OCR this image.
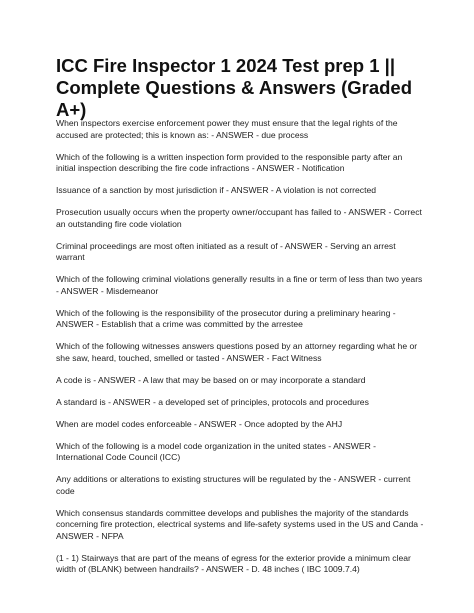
ICC Fire Inspector 1 2024 Test prep 1 ||
Complete Questions & Answers (Graded A+)
When inspectors exercise enforcement power they must ensure that the legal rights of the accused are protected; this is known as: - ANSWER - due process
Which of the following is a written inspection form provided to the responsible party after an initial inspection describing the fire code infractions - ANSWER - Notification
Issuance of a sanction by most jurisdiction if - ANSWER - A violation is not corrected
Prosecution usually occurs when the property owner/occupant has failed to - ANSWER - Correct an outstanding fire code violation
Criminal proceedings are most often initiated as a result of - ANSWER - Serving an arrest warrant
Which of the following criminal violations generally results in a fine or term of less than two years - ANSWER - Misdemeanor
Which of the following is the responsibility of the prosecutor during a preliminary hearing - ANSWER - Establish that a crime was committed by the arrestee
Which of the following witnesses answers questions posed by an attorney regarding what he or she saw, heard, touched, smelled or tasted - ANSWER - Fact Witness
A code is - ANSWER - A law that may be based on or may incorporate a standard
A standard is - ANSWER - a developed set of principles, protocols and procedures
When are model codes enforceable - ANSWER - Once adopted by the AHJ
Which of the following is a model code organization in the united states - ANSWER - International Code Council (ICC)
Any additions or alterations to existing structures will be regulated by the - ANSWER - current code
Which consensus standards committee develops and publishes the majority of the standards concerning fire protection, electrical systems and life-safety systems used in the US and Canda - ANSWER - NFPA
(1 - 1) Stairways that are part of the means of egress for the exterior provide a minimum clear width of (BLANK) between handrails? - ANSWER - D. 48 inches ( IBC 1009.7.4)
